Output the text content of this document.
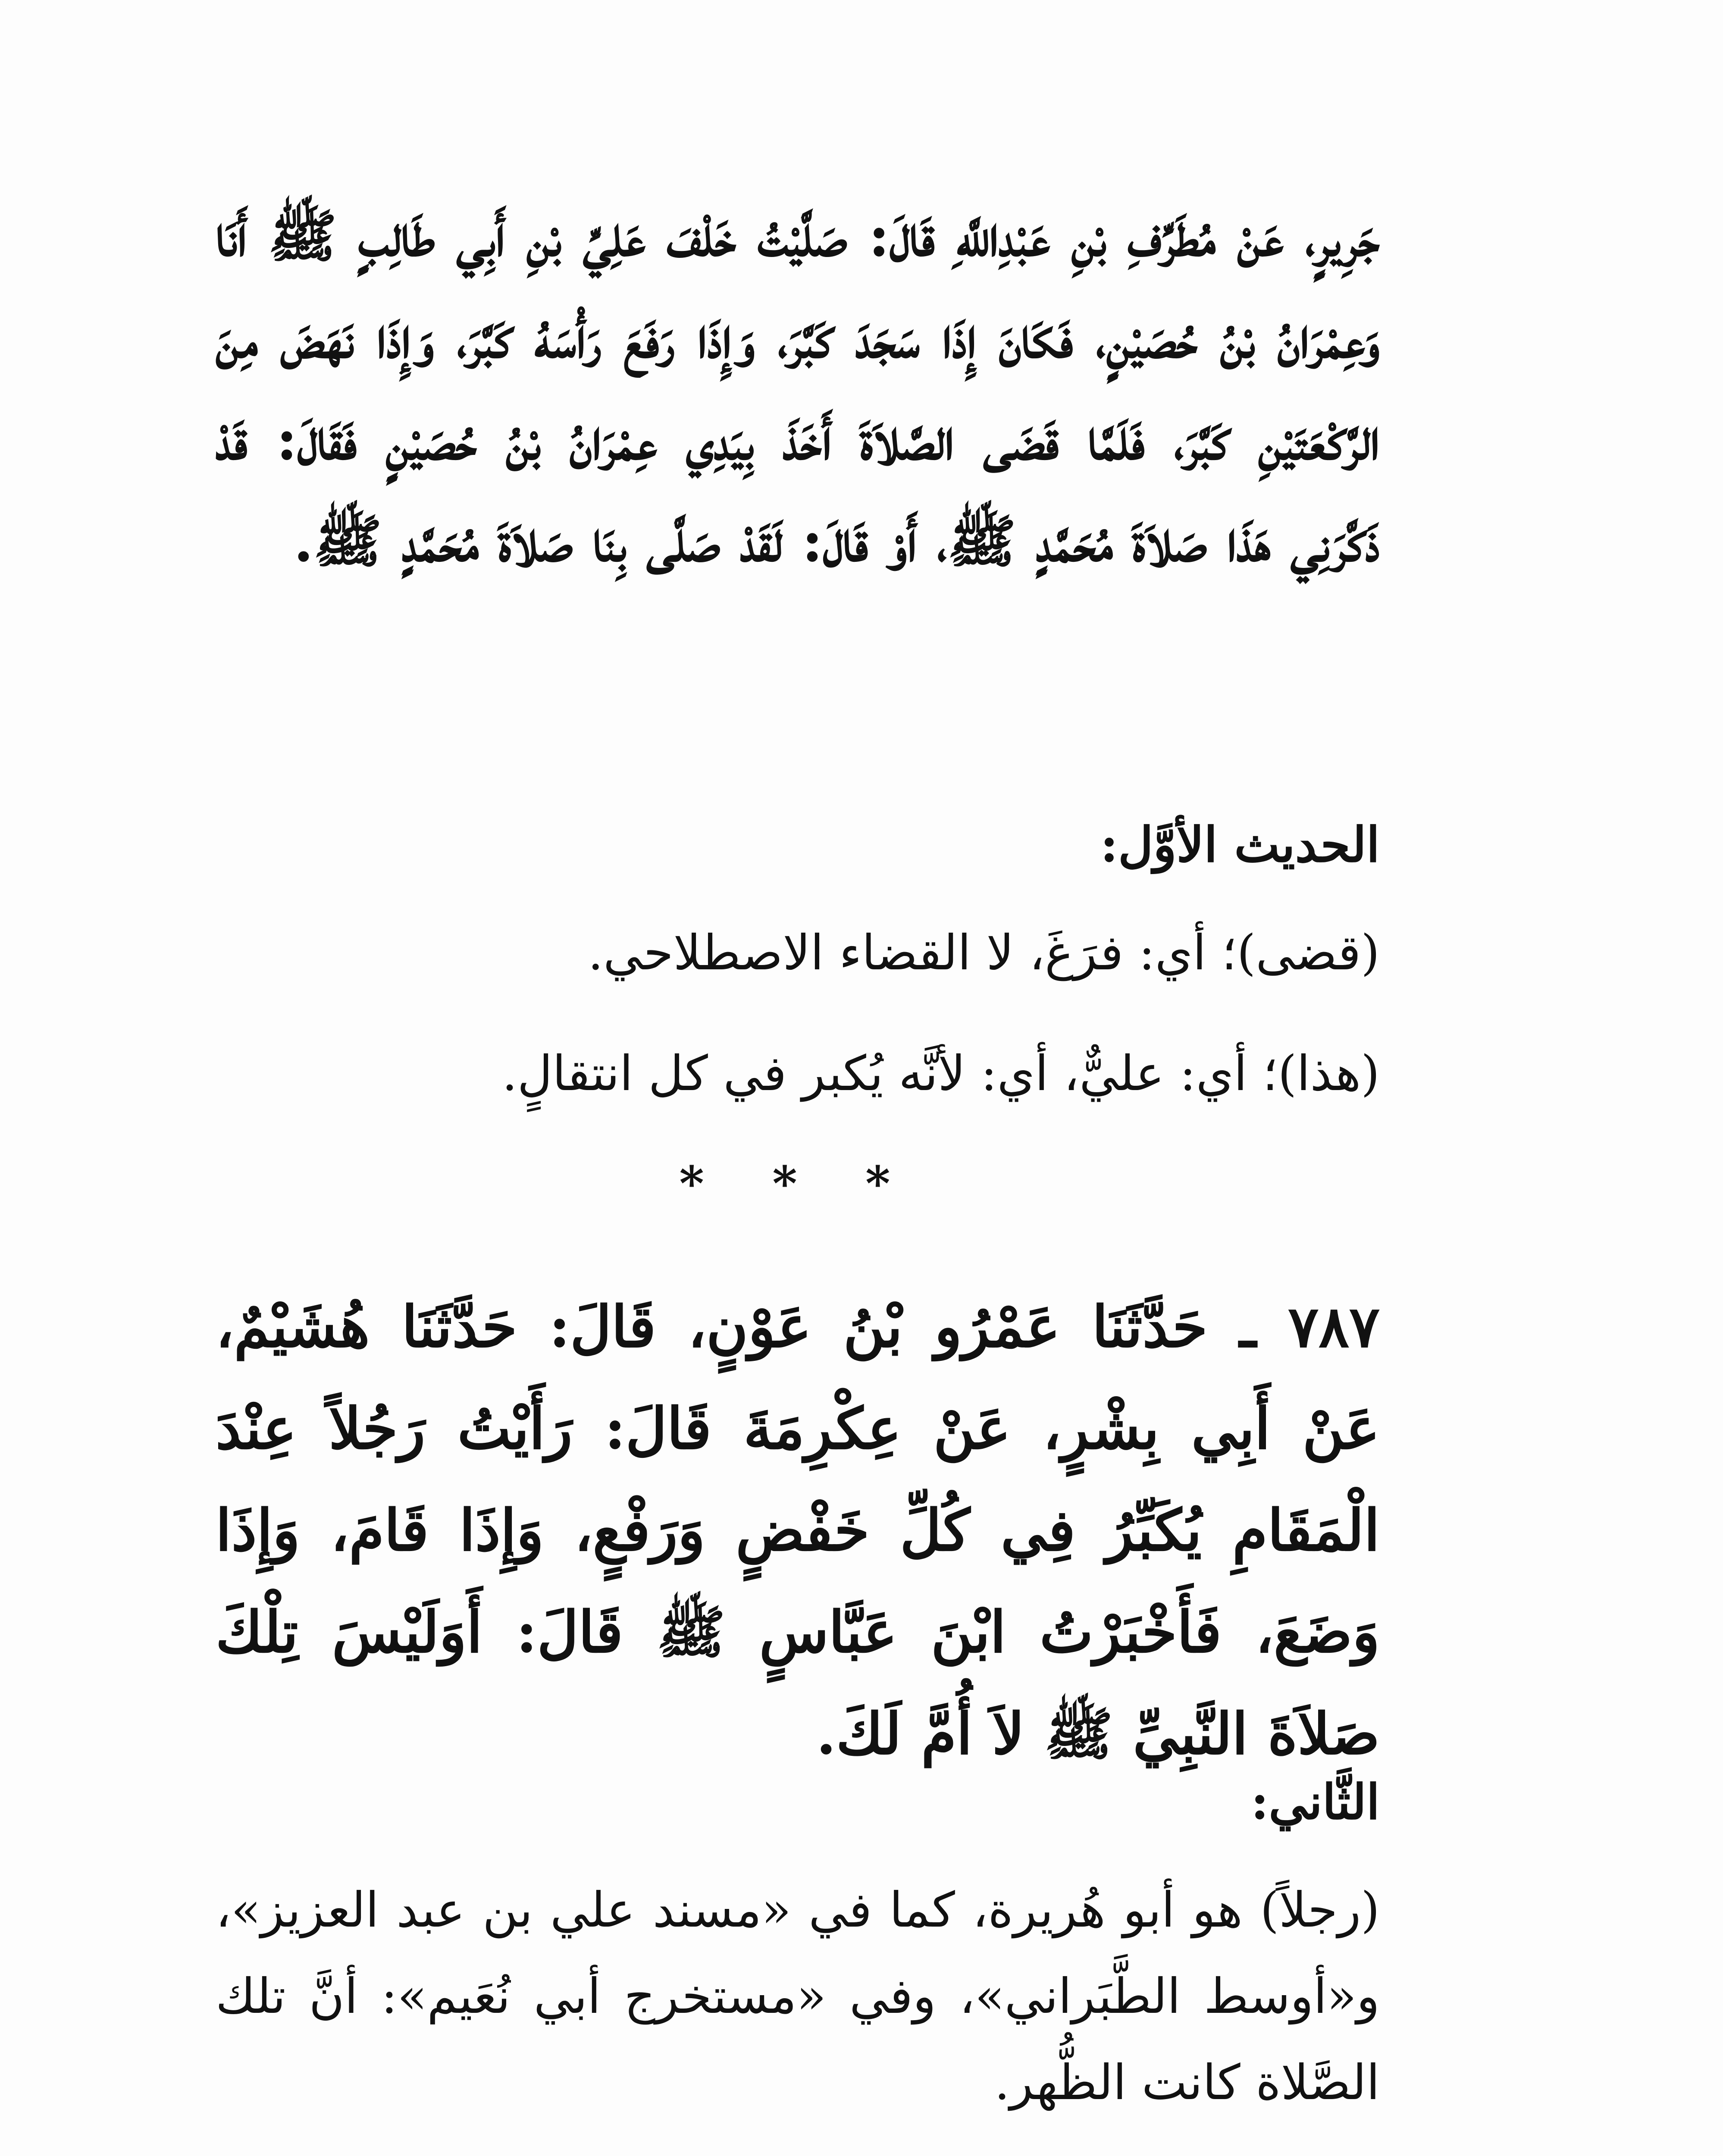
جَرِيرٍ، عَنْ مُطَرِّفِ بْنِ عَبْدِاللَّهِ قَالَ: صَلَّيْتُ خَلْفَ عَلِيِّ بْنِ أَبِي طَالِبٍ ﷺ أَنَا وَعِمْرَانُ بْنُ حُصَيْنٍ، فَكَانَ إِذَا سَجَدَ كَبَّرَ، وَإِذَا رَفَعَ رَأْسَهُ كَبَّرَ، وَإِذَا نَهَضَ مِنَ الرَّكْعَتَيْنِ كَبَّرَ، فَلَمَّا قَضَى الصَّلاَةَ أَخَذَ بِيَدِي عِمْرَانُ بْنُ حُصَيْنٍ فَقَالَ: قَدْ ذَكَّرَنِي هَذَا صَلاَةَ مُحَمَّدٍ ﷺ، أَوْ قَالَ: لَقَدْ صَلَّى بِنَا صَلاَةَ مُحَمَّدٍ ﷺ.
الحديث الأوَّل:
(قضى)؛ أي: فرَغَ، لا القضاء الاصطلاحي.
(هذا)؛ أي: عليٌّ، أي: لأنَّه يُكبر في كل انتقالٍ.
* * *
٧٨٧ ـ حَدَّثَنَا عَمْرُو بْنُ عَوْنٍ، قَالَ: حَدَّثَنَا هُشَيْمٌ، عَنْ أَبِي بِشْرٍ، عَنْ عِكْرِمَةَ قَالَ: رَأَيْتُ رَجُلاً عِنْدَ الْمَقَامِ يُكَبِّرُ فِي كُلِّ خَفْضٍ وَرَفْعٍ، وَإِذَا قَامَ، وَإِذَا وَضَعَ، فَأَخْبَرْتُ ابْنَ عَبَّاسٍ ﷺ قَالَ: أَوَلَيْسَ تِلْكَ صَلاَةَ النَّبِيِّ ﷺ لاَ أُمَّ لَكَ.
الثَّاني:
(رجلاً) هو أبو هُريرة، كما في «مسند علي بن عبد العزيز»، و«أوسط الطَّبَراني»، وفي «مستخرج أبي نُعَيم»: أنَّ تلك الصَّلاة كانت الظُّهر.
